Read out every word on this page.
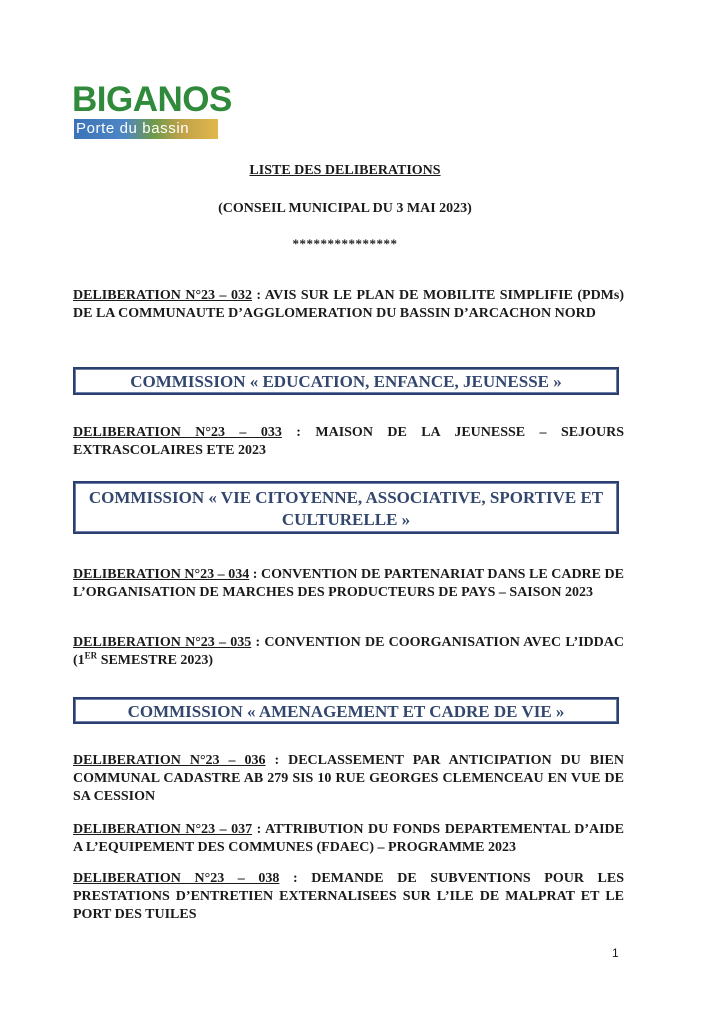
BIGANOS
Porte du bassin
LISTE DES DELIBERATIONS
(CONSEIL MUNICIPAL DU 3 MAI 2023)
***************
DELIBERATION N°23 – 032 : AVIS SUR LE PLAN DE MOBILITE SIMPLIFIE (PDMs) DE LA COMMUNAUTE D’AGGLOMERATION DU BASSIN D’ARCACHON NORD
COMMISSION « EDUCATION, ENFANCE, JEUNESSE »
DELIBERATION N°23 – 033 : MAISON DE LA JEUNESSE – SEJOURS EXTRASCOLAIRES ETE 2023
COMMISSION « VIE CITOYENNE, ASSOCIATIVE, SPORTIVE ET
CULTURELLE »
DELIBERATION N°23 – 034 : CONVENTION DE PARTENARIAT DANS LE CADRE DE L’ORGANISATION DE MARCHES DES PRODUCTEURS DE PAYS – SAISON 2023
DELIBERATION N°23 – 035 : CONVENTION DE COORGANISATION AVEC L’IDDAC (1ER SEMESTRE 2023)
COMMISSION « AMENAGEMENT ET CADRE DE VIE »
DELIBERATION N°23 – 036 : DECLASSEMENT PAR ANTICIPATION DU BIEN COMMUNAL CADASTRE AB 279 SIS 10 RUE GEORGES CLEMENCEAU EN VUE DE SA CESSION
DELIBERATION N°23 – 037 : ATTRIBUTION DU FONDS DEPARTEMENTAL D’AIDE A L’EQUIPEMENT DES COMMUNES (FDAEC) – PROGRAMME 2023
DELIBERATION N°23 – 038 : DEMANDE DE SUBVENTIONS POUR LES PRESTATIONS D’ENTRETIEN EXTERNALISEES SUR L’ILE DE MALPRAT ET LE PORT DES TUILES
1
